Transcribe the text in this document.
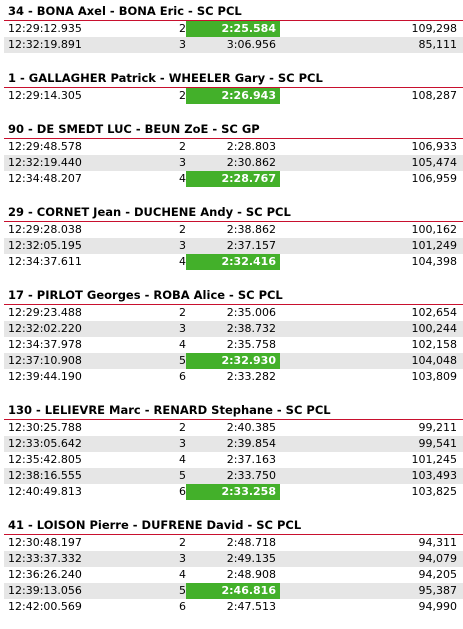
34 - BONA Axel - BONA Eric - SC PCL
12:29:12.935	2	2:25.584	109,298
12:32:19.891	3	3:06.956	85,111
1 - GALLAGHER Patrick - WHEELER Gary - SC PCL
12:29:14.305	2	2:26.943	108,287
90 - DE SMEDT LUC - BEUN ZoE - SC GP
12:29:48.578	2	2:28.803	106,933
12:32:19.440	3	2:30.862	105,474
12:34:48.207	4	2:28.767	106,959
29 - CORNET Jean - DUCHENE Andy - SC PCL
12:29:28.038	2	2:38.862	100,162
12:32:05.195	3	2:37.157	101,249
12:34:37.611	4	2:32.416	104,398
17 - PIRLOT Georges - ROBA Alice - SC PCL
12:29:23.488	2	2:35.006	102,654
12:32:02.220	3	2:38.732	100,244
12:34:37.978	4	2:35.758	102,158
12:37:10.908	5	2:32.930	104,048
12:39:44.190	6	2:33.282	103,809
130 - LELIEVRE Marc - RENARD Stephane - SC PCL
12:30:25.788	2	2:40.385	99,211
12:33:05.642	3	2:39.854	99,541
12:35:42.805	4	2:37.163	101,245
12:38:16.555	5	2:33.750	103,493
12:40:49.813	6	2:33.258	103,825
41 - LOISON Pierre - DUFRENE David - SC PCL
12:30:48.197	2	2:48.718	94,311
12:33:37.332	3	2:49.135	94,079
12:36:26.240	4	2:48.908	94,205
12:39:13.056	5	2:46.816	95,387
12:42:00.569	6	2:47.513	94,990
